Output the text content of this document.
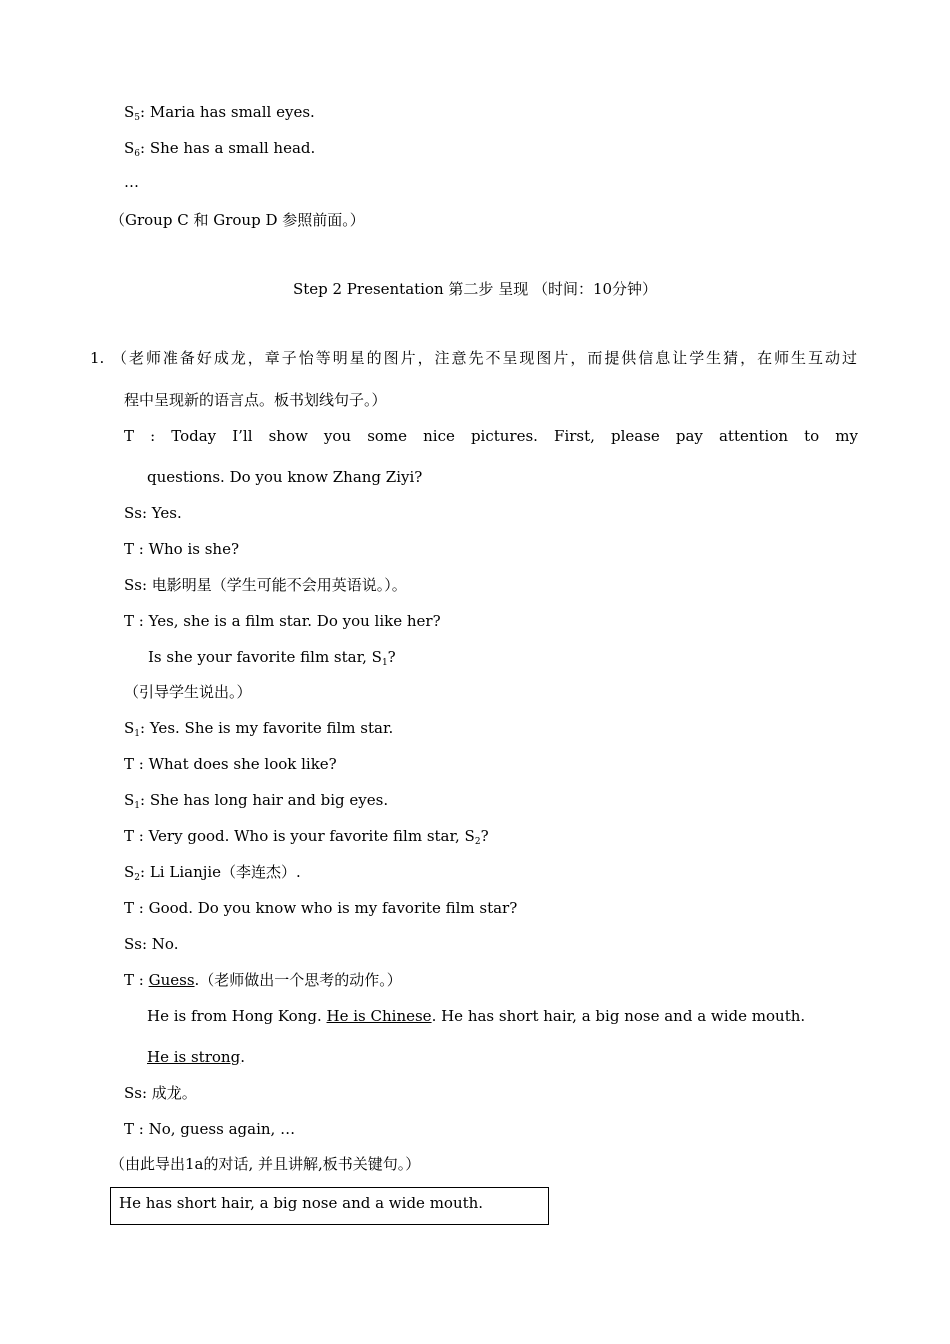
$S_5$: Maria has small eyes.
$S_6$: She has a small head.
…
（Group C 和 Group D 参照前面。）
Step 2 Presentation 第二步 呈现 （时间：10分钟）
1. （老师准备好成龙，章子怡等明星的图片，注意先不呈现图片，而提供信息让学生猜，在师生互动过
程中呈现新的语言点。板书划线句子。）
T : Today I’ll show you some nice pictures. First, please pay attention to my
questions. Do you know Zhang Ziyi?
Ss: Yes.
T : Who is she?
Ss: 电影明星（学生可能不会用英语说。）。
T : Yes, she is a film star. Do you like her?
Is she your favorite film star, $S_1$?
（引导学生说出。）
$S_1$: Yes. She is my favorite film star.
T : What does she look like?
$S_1$: She has long hair and big eyes.
T : Very good. Who is your favorite film star, $S_2$?
$S_2$: Li Lianjie（李连杰）.
T : Good. Do you know who is my favorite film star?
Ss: No.
T : Guess.（老师做出一个思考的动作。）
He is from Hong Kong. He is Chinese. He has short hair, a big nose and a wide mouth.
He is strong.
Ss: 成龙。
T : No, guess again, …
（由此导出1a的对话, 并且讲解,板书关键句。）
He has short hair, a big nose and a wide mouth.
